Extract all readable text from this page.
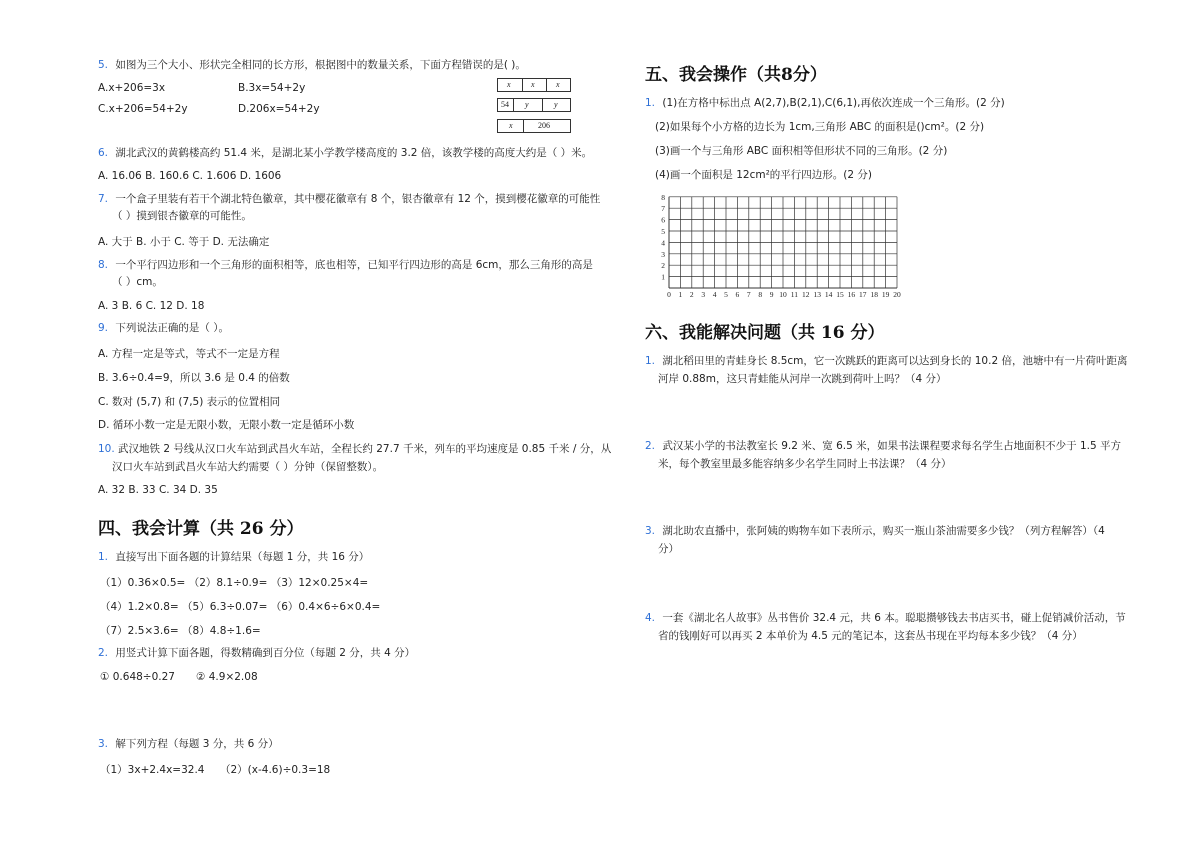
5. 如图为三个大小、形状完全相同的长方形，根据图中的数量关系，下面方程错误的是( )。
A.x+206=3x	B.3x=54+2y
C.x+206=54+2y	D.206x=54+2y
x	x	x
54 y	y
x	206
6. 湖北武汉的黄鹤楼高约 51.4 米，是湖北某小学教学楼高度的 3.2 倍，该教学楼的高度大约是（ ）米。
A. 16.06 B. 160.6 C. 1.606 D. 1606
7. 一个盒子里装有若干个湖北特色徽章，其中樱花徽章有 8 个，银杏徽章有 12 个，摸到樱花徽章的可能性
（ ）摸到银杏徽章的可能性。
A. 大于 B. 小于 C. 等于 D. 无法确定
8. 一个平行四边形和一个三角形的面积相等，底也相等，已知平行四边形的高是 6cm，那么三角形的高是
（ ）cm。
A. 3 B. 6 C. 12 D. 18
9. 下列说法正确的是（ ）。
A. 方程一定是等式，等式不一定是方程
B. 3.6÷0.4=9，所以 3.6 是 0.4 的倍数
C. 数对 (5,7) 和 (7,5) 表示的位置相同
D. 循环小数一定是无限小数，无限小数一定是循环小数
10. 武汉地铁 2 号线从汉口火车站到武昌火车站，全程长约 27.7 千米，列车的平均速度是 0.85 千米 / 分，从
汉口火车站到武昌火车站大约需要（ ）分钟（保留整数）。
A. 32 B. 33 C. 34 D. 35
四、我会计算（共 26 分）
1. 直接写出下面各题的计算结果（每题 1 分，共 16 分）
（1）0.36×0.5= （2）8.1÷0.9= （3）12×0.25×4=
（4）1.2×0.8= （5）6.3÷0.07= （6）0.4×6÷6×0.4=
（7）2.5×3.6= （8）4.8÷1.6=
2. 用竖式计算下面各题，得数精确到百分位（每题 2 分，共 4 分）
① 0.648÷0.27 ② 4.9×2.08
3. 解下列方程（每题 3 分，共 6 分）
（1）3x+2.4x=32.4 （2）(x-4.6)÷0.3=18
五、我会操作（共8分）
1. (1)在方格中标出点 A(2,7),B(2,1),C(6,1),再依次连成一个三角形。(2 分)
(2)如果每个小方格的边长为 1cm,三角形 ABC 的面积是()cm²。(2 分)
(3)画一个与三角形 ABC 面积相等但形状不同的三角形。(2 分)
(4)画一个面积是 12cm²的平行四边形。(2 分)
0 1 2 3 4 5 6 7 8 9 10 11 12 13 14 15 16 17 18 19 20
1
2
3
4
5
6
7
8
六、我能解决问题（共 16 分）
1. 湖北稻田里的青蛙身长 8.5cm，它一次跳跃的距离可以达到身长的 10.2 倍，池塘中有一片荷叶距离
河岸 0.88m，这只青蛙能从河岸一次跳到荷叶上吗？（4 分）
2. 武汉某小学的书法教室长 9.2 米、宽 6.5 米，如果书法课程要求每名学生占地面积不少于 1.5 平方
米，每个教室里最多能容纳多少名学生同时上书法课？（4 分）
3. 湖北助农直播中，张阿姨的购物车如下表所示，购买一瓶山茶油需要多少钱？（列方程解答）（4
分）
4. 一套《湖北名人故事》丛书售价 32.4 元，共 6 本。聪聪攒够钱去书店买书，碰上促销减价活动，节
省的钱刚好可以再买 2 本单价为 4.5 元的笔记本，这套丛书现在平均每本多少钱？（4 分）
